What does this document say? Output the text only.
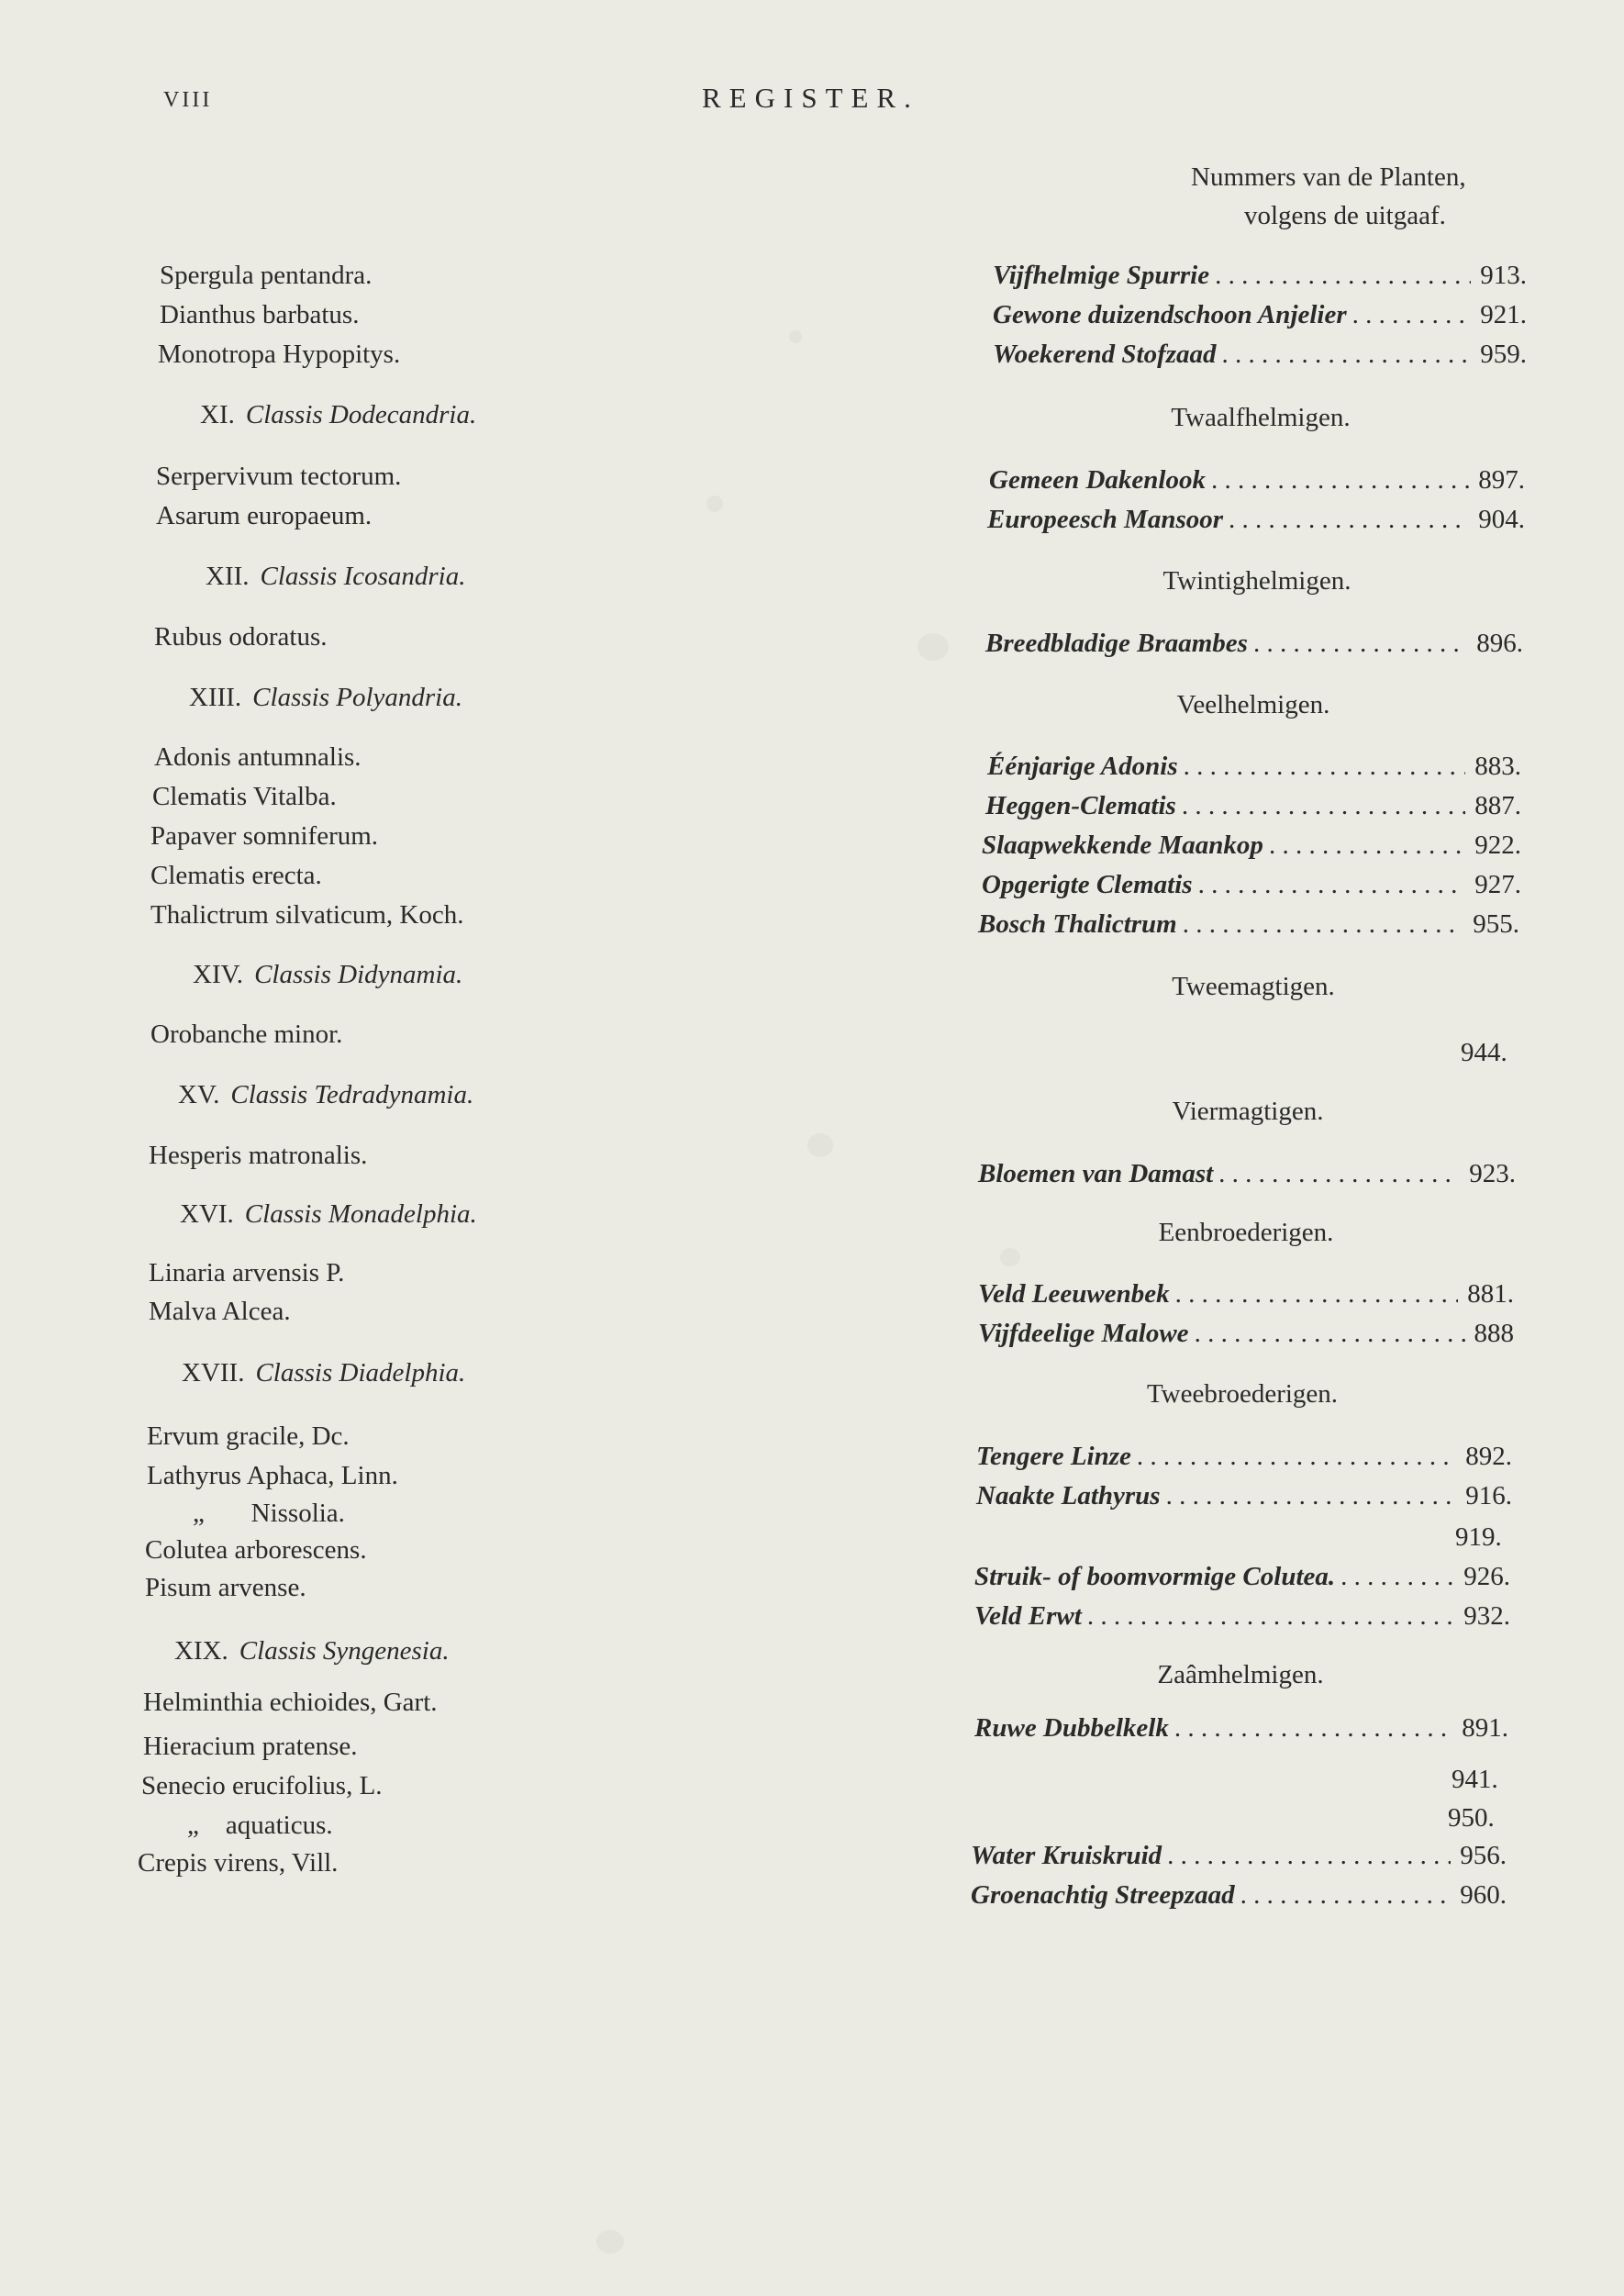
VIII	REGISTER.
Nummers van de Planten,
volgens de uitgaaf.
Spergula pentandra.
Dianthus barbatus.
Monotropa Hypopitys.
XI. Classis Dodecandria.
Serpervivum tectorum.
Asarum europaeum.
XII. Classis Icosandria.
Rubus odoratus.
XIII. Classis Polyandria.
Adonis antumnalis.
Clematis Vitalba.
Papaver somniferum.
Clematis erecta.
Thalictrum silvaticum, Koch.
XIV. Classis Didynamia.
Orobanche minor.
XV. Classis Tedradynamia.
Hesperis matronalis.
XVI. Classis Monadelphia.
Linaria arvensis P.
Malva Alcea.
XVII. Classis Diadelphia.
Ervum gracile, Dc.
Lathyrus Aphaca, Linn.
„       Nissolia.
Colutea arborescens.
Pisum arvense.
XIX. Classis Syngenesia.
Helminthia echioides, Gart.
Hieracium pratense.
Senecio erucifolius, L.
„    aquaticus.
Crepis virens, Vill.
Vijfhelmige Spurrie . . .	913.
Gewone duizendschoon Anjelier . . .	921.
Woekerend Stofzaad . . .	959.
Twaalfhelmigen.
Gemeen Dakenlook . . .	897.
Europeesch Mansoor . . .	904.
Twintighelmigen.
Breedbladige Braambes . . .	896.
Veelhelmigen.
Éénjarige Adonis . . .	883.
Heggen-Clematis . . .	887.
Slaapwekkende Maankop . . .	922.
Opgerigte Clematis . . .	927.
Bosch Thalictrum . . .	955.
Tweemagtigen.
944.
Viermagtigen.
Bloemen van Damast . . .	923.
Eenbroederigen.
Veld Leeuwenbek . . .	881.
Vijfdeelige Malowe . . .	888
Tweebroederigen.
Tengere Linze . . .	892.
Naakte Lathyrus . . .	916.
919.
Struik- of boomvormige Colutea. . . .	926.
Veld Erwt . . .	932.
Zaâmhelmigen.
Ruwe Dubbelkelk . . .	891.
941.
950.
Water Kruiskruid . . .	956.
Groenachtig Streepzaad . . .	960.
